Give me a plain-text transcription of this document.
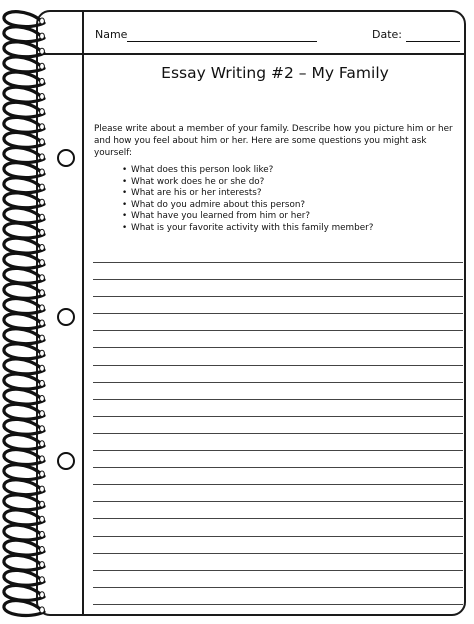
Name	Date:
Essay Writing #2 – My Family

Please write about a member of your family. Describe how you picture him or her and how you feel about him or her. Here are some questions you might ask yourself:

• What does this person look like?
• What work does he or she do?
• What are his or her interests?
• What do you admire about this person?
• What have you learned from him or her?
• What is your favorite activity with this family member?
